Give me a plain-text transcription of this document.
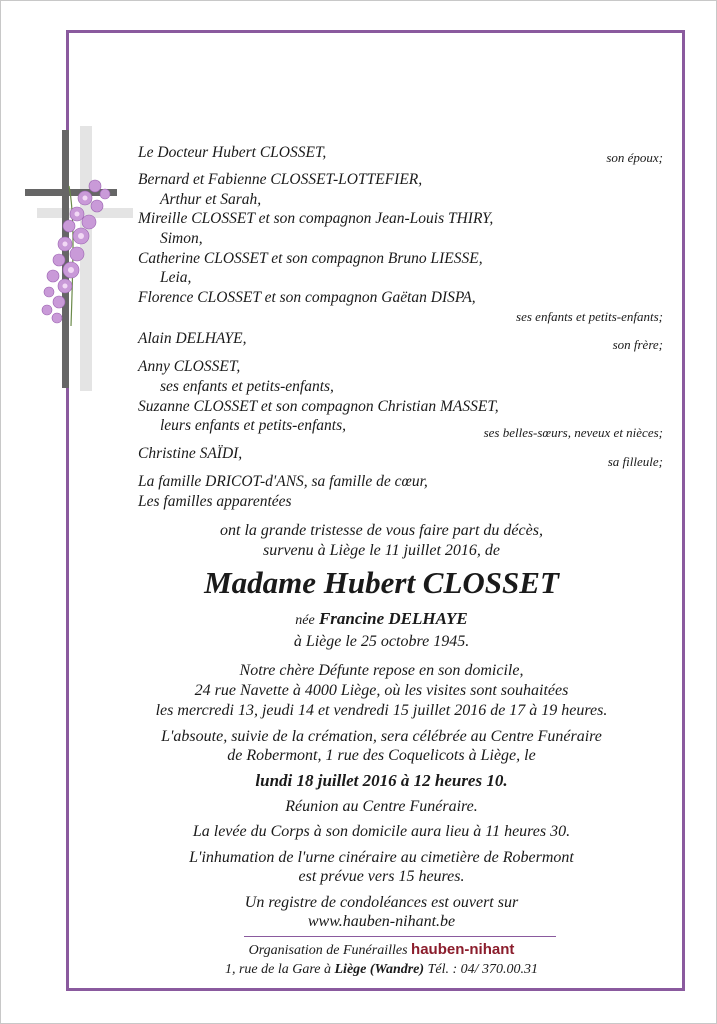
Le Docteur Hubert CLOSSET,
Bernard et Fabienne CLOSSET-LOTTEFIER,
Arthur et Sarah,
Mireille CLOSSET et son compagnon Jean-Louis THIRY,
Simon,
Catherine CLOSSET et son compagnon Bruno LIESSE,
Leia,
Florence CLOSSET et son compagnon Gaëtan DISPA,
Alain DELHAYE,
Anny CLOSSET,
ses enfants et petits-enfants,
Suzanne CLOSSET et son compagnon Christian MASSET,
leurs enfants et petits-enfants,
Christine SAÏDI,
La famille DRICOT-d'ANS, sa famille de cœur,
Les familles apparentées
son époux;
ses enfants et petits-enfants;
son frère;
ses belles-sœurs, neveux et nièces;
sa filleule;
ont la grande tristesse de vous faire part du décès,
survenu à Liège le 11 juillet 2016, de
Madame Hubert CLOSSET
née Francine DELHAYE
à Liège le 25 octobre 1945.
Notre chère Défunte repose en son domicile,
24 rue Navette à 4000 Liège, où les visites sont souhaitées
les mercredi 13, jeudi 14 et vendredi 15 juillet 2016 de 17 à 19 heures.
L'absoute, suivie de la crémation, sera célébrée au Centre Funéraire
de Robermont, 1 rue des Coquelicots à Liège, le
lundi 18 juillet 2016 à 12 heures 10.
Réunion au Centre Funéraire.
La levée du Corps à son domicile aura lieu à 11 heures 30.
L'inhumation de l'urne cinéraire au cimetière de Robermont
est prévue vers 15 heures.
Un registre de condoléances est ouvert sur
www.hauben-nihant.be
Organisation de Funérailles hauben-nihant
1, rue de la Gare à Liège (Wandre) Tél. : 04/ 370.00.31
